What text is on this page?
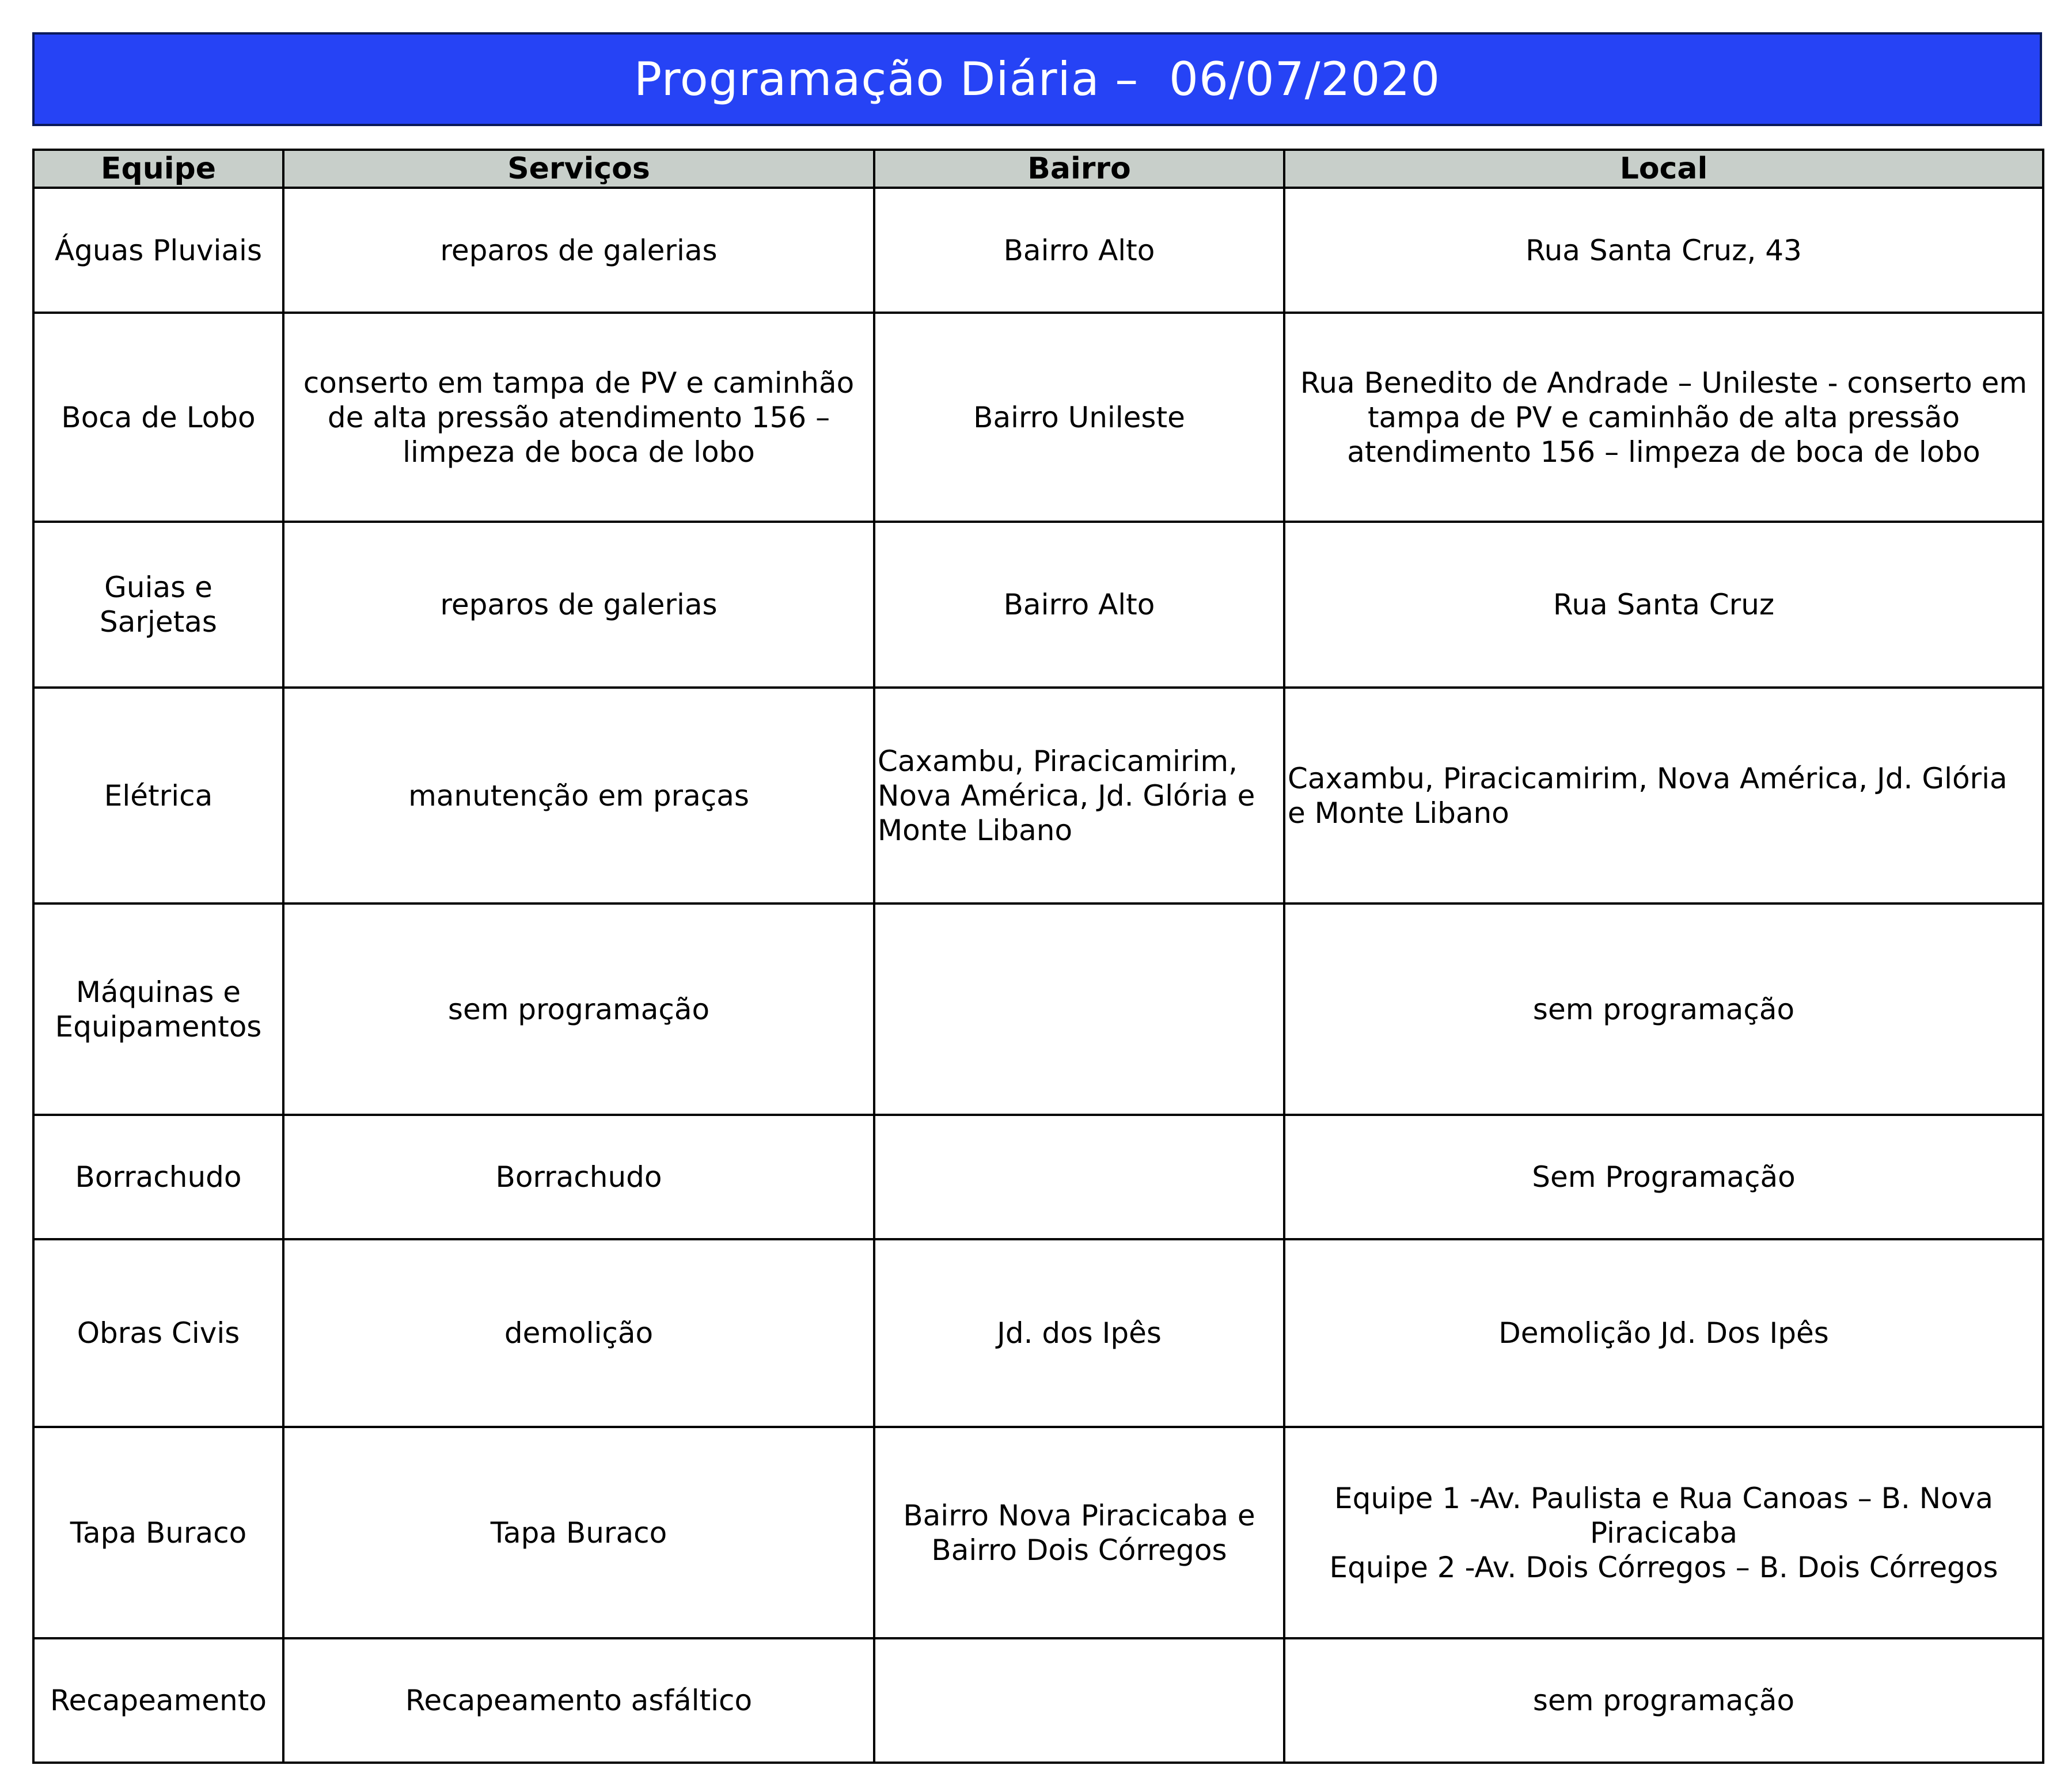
Programação Diária –  06/07/2020
Equipe	Serviços	Bairro	Local
Águas Pluviais	reparos de galerias	Bairro Alto	Rua Santa Cruz, 43
Boca de Lobo	conserto em tampa de PV e caminhão de alta pressão atendimento 156 – limpeza de boca de lobo	Bairro Unileste	Rua Benedito de Andrade – Unileste - conserto em tampa de PV e caminhão de alta pressão atendimento 156 – limpeza de boca de lobo
Guias e Sarjetas	reparos de galerias	Bairro Alto	Rua Santa Cruz
Elétrica	manutenção em praças	Caxambu, Piracicamirim, Nova América, Jd. Glória e Monte Libano	Caxambu, Piracicamirim, Nova América, Jd. Glória e Monte Libano
Máquinas e Equipamentos	sem programação		sem programação
Borrachudo	Borrachudo		Sem Programação
Obras Civis	demolição	Jd. dos Ipês	Demolição Jd. Dos Ipês
Tapa Buraco	Tapa Buraco	Bairro Nova Piracicaba e Bairro Dois Córregos	Equipe 1 -Av. Paulista e Rua Canoas – B. Nova Piracicaba
Equipe 2 -Av. Dois Córregos – B. Dois Córregos
Recapeamento	Recapeamento asfáltico		sem programação
